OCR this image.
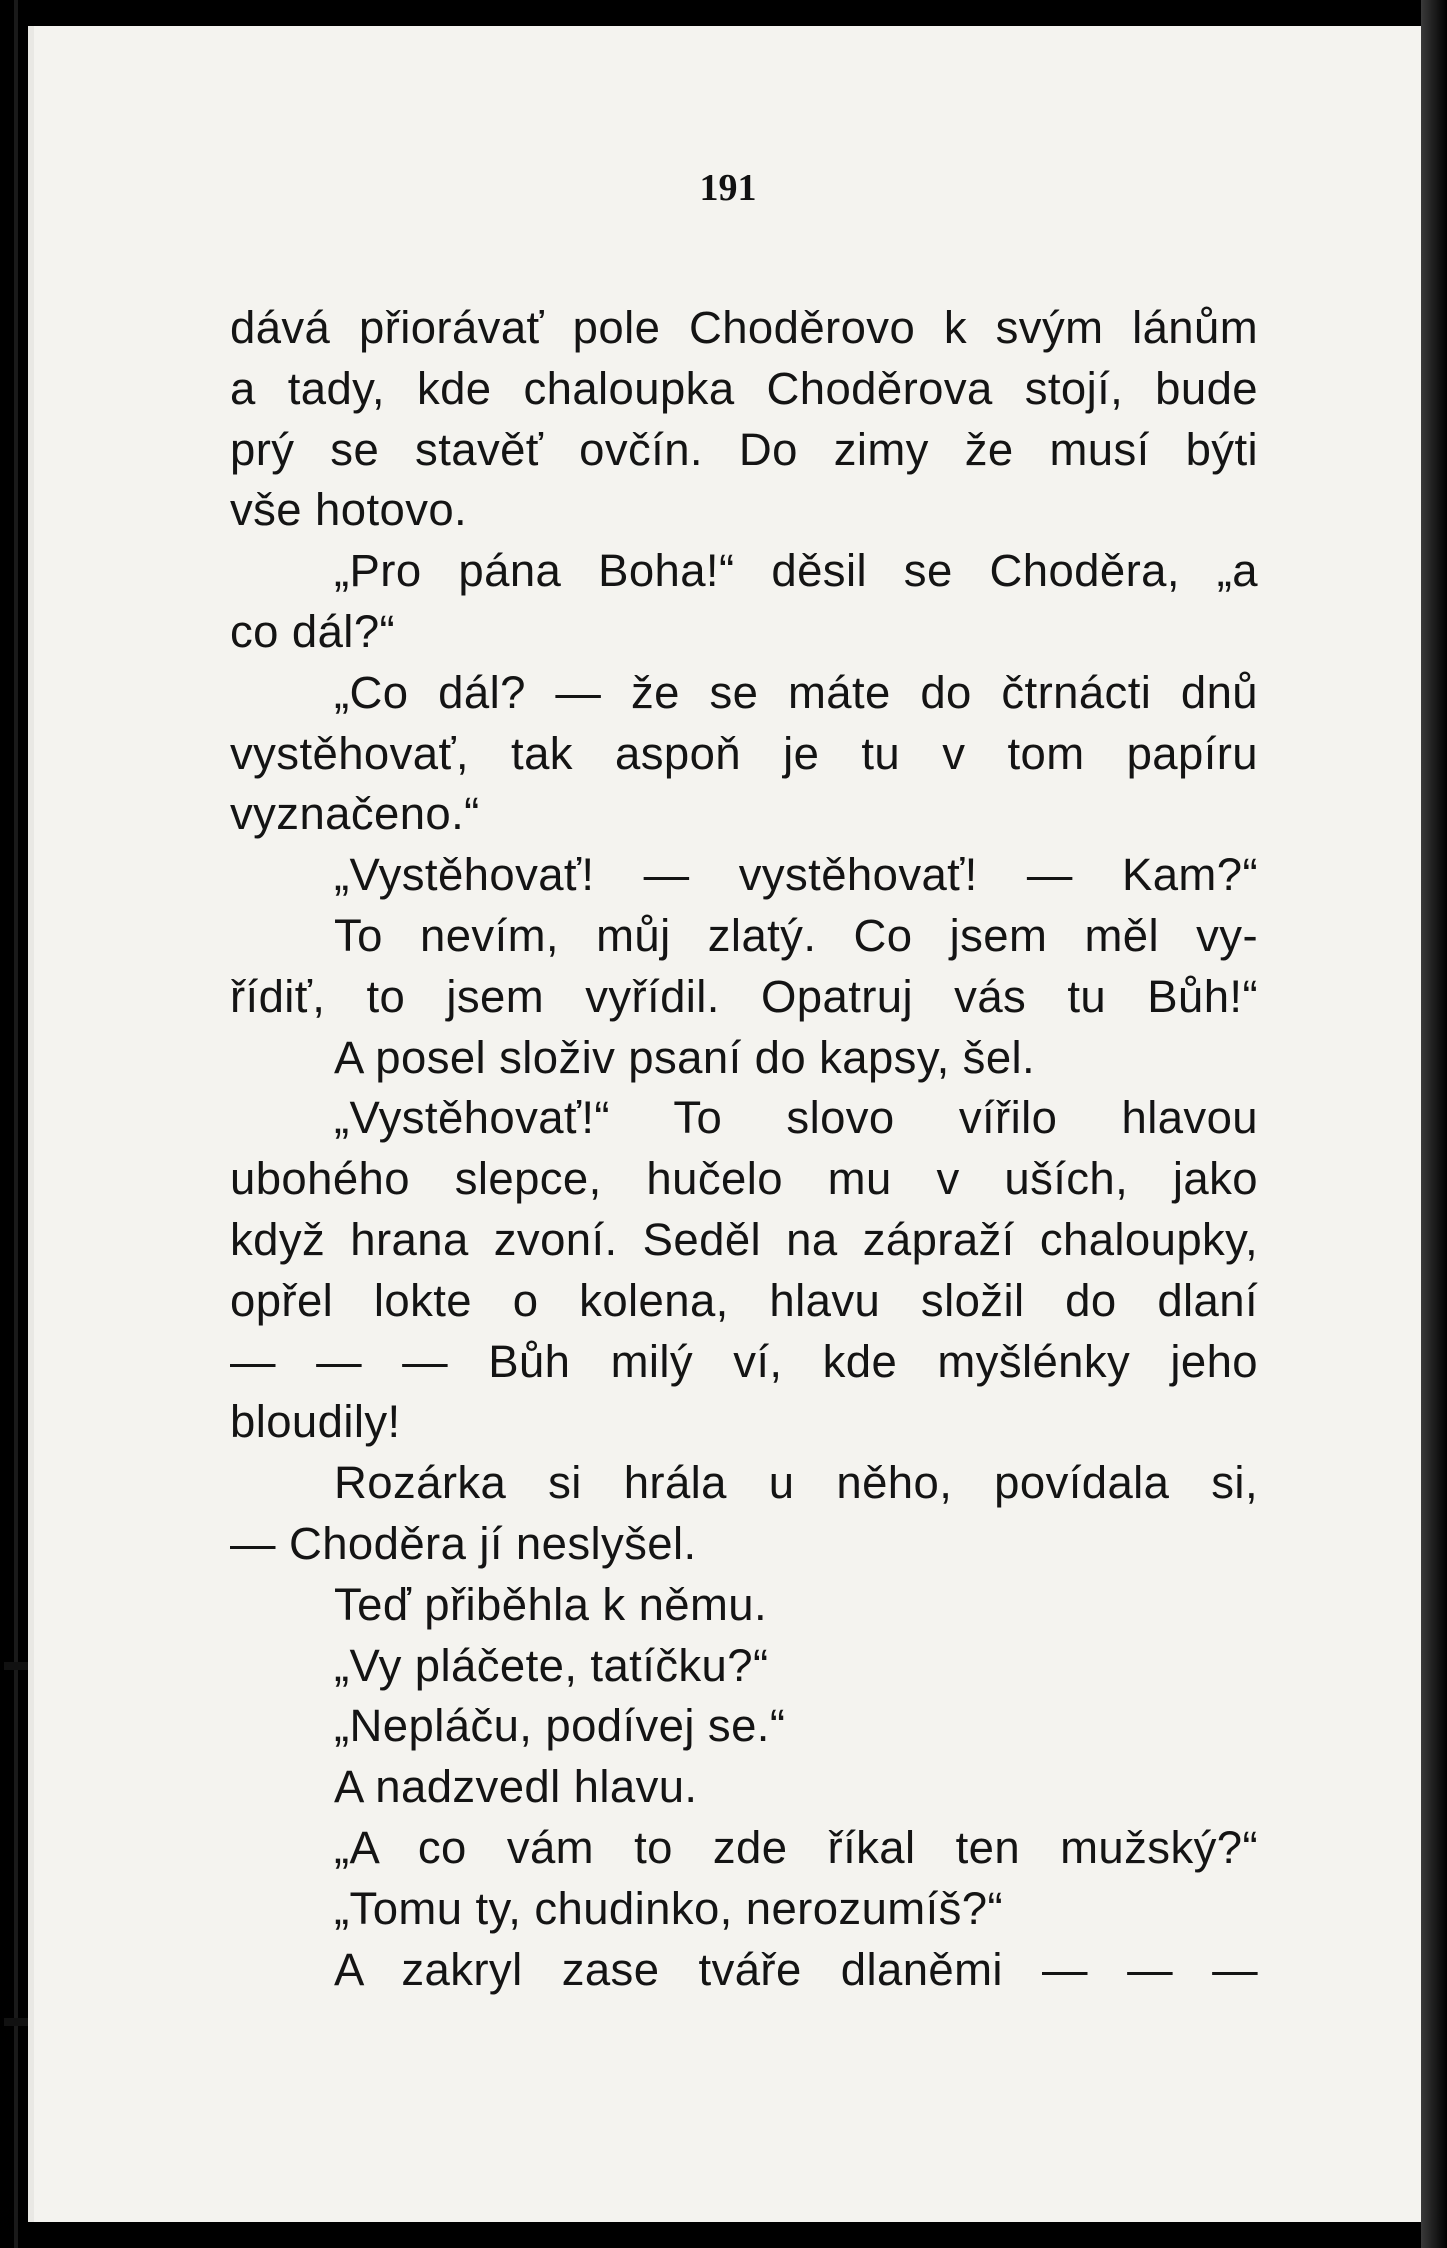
191

dává přiorávať pole Choděrovo k svým lánům
a tady, kde chaloupka Choděrova stojí, bude
prý se stavěť ovčín. Do zimy že musí býti
vše hotovo.
„Pro pána Boha!“ děsil se Choděra, „a
co dál?“
„Co dál? — že se máte do čtrnácti dnů
vystěhovať, tak aspoň je tu v tom papíru
vyznačeno.“
„Vystěhovať! — vystěhovať! — Kam?“
To nevím, můj zlatý. Co jsem měl vy-
řídiť, to jsem vyřídil. Opatruj vás tu Bůh!“
A posel složiv psaní do kapsy, šel.
„Vystěhovať!“ To slovo vířilo hlavou
ubohého slepce, hučelo mu v uších, jako
když hrana zvoní. Seděl na zápraží chaloupky,
opřel lokte o kolena, hlavu složil do dlaní
— — — Bůh milý ví, kde myšlénky jeho
bloudily!
Rozárka si hrála u něho, povídala si,
— Choděra jí neslyšel.
Teď přiběhla k němu.
„Vy pláčete, tatíčku?“
„Nepláču, podívej se.“
A nadzvedl hlavu.
„A co vám to zde říkal ten mužský?“
„Tomu ty, chudinko, nerozumíš?“
A zakryl zase tváře dlaněmi — — —
